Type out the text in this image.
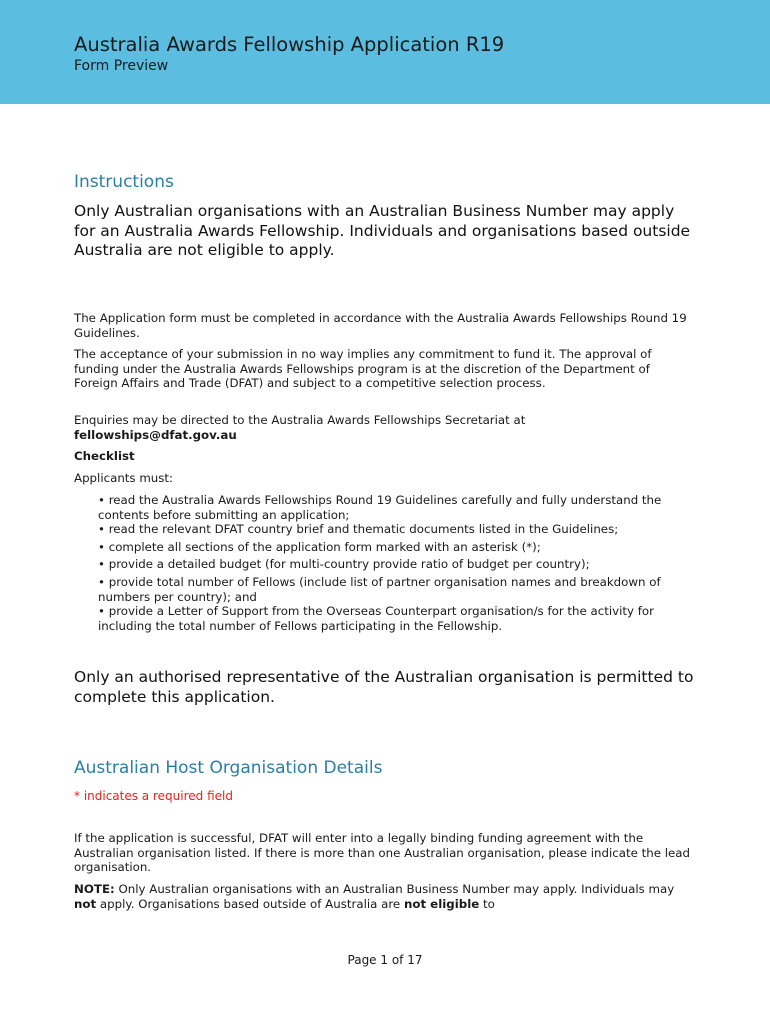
Australia Awards Fellowship Application R19
Form Preview
Instructions
Only Australian organisations with an Australian Business Number may apply for an Australia Awards Fellowship. Individuals and organisations based outside Australia are not eligible to apply.
The Application form must be completed in accordance with the Australia Awards Fellowships Round 19 Guidelines.
The acceptance of your submission in no way implies any commitment to fund it. The approval of funding under the Australia Awards Fellowships program is at the discretion of the Department of Foreign Affairs and Trade (DFAT) and subject to a competitive selection process.
Enquiries may be directed to the Australia Awards Fellowships Secretariat at
fellowships@dfat.gov.au
Checklist
Applicants must:
• read the Australia Awards Fellowships Round 19 Guidelines carefully and fully understand the contents before submitting an application;
• read the relevant DFAT country brief and thematic documents listed in the Guidelines;
• complete all sections of the application form marked with an asterisk (*);
• provide a detailed budget (for multi-country provide ratio of budget per country);
• provide total number of Fellows (include list of partner organisation names and breakdown of numbers per country); and
• provide a Letter of Support from the Overseas Counterpart organisation/s for the activity for including the total number of Fellows participating in the Fellowship.
Only an authorised representative of the Australian organisation is permitted to complete this application.
Australian Host Organisation Details
* indicates a required field
If the application is successful, DFAT will enter into a legally binding funding agreement with the Australian organisation listed. If there is more than one Australian organisation, please indicate the lead organisation.
NOTE: Only Australian organisations with an Australian Business Number may apply. Individuals may not apply. Organisations based outside of Australia are not eligible to
Page 1 of 17
